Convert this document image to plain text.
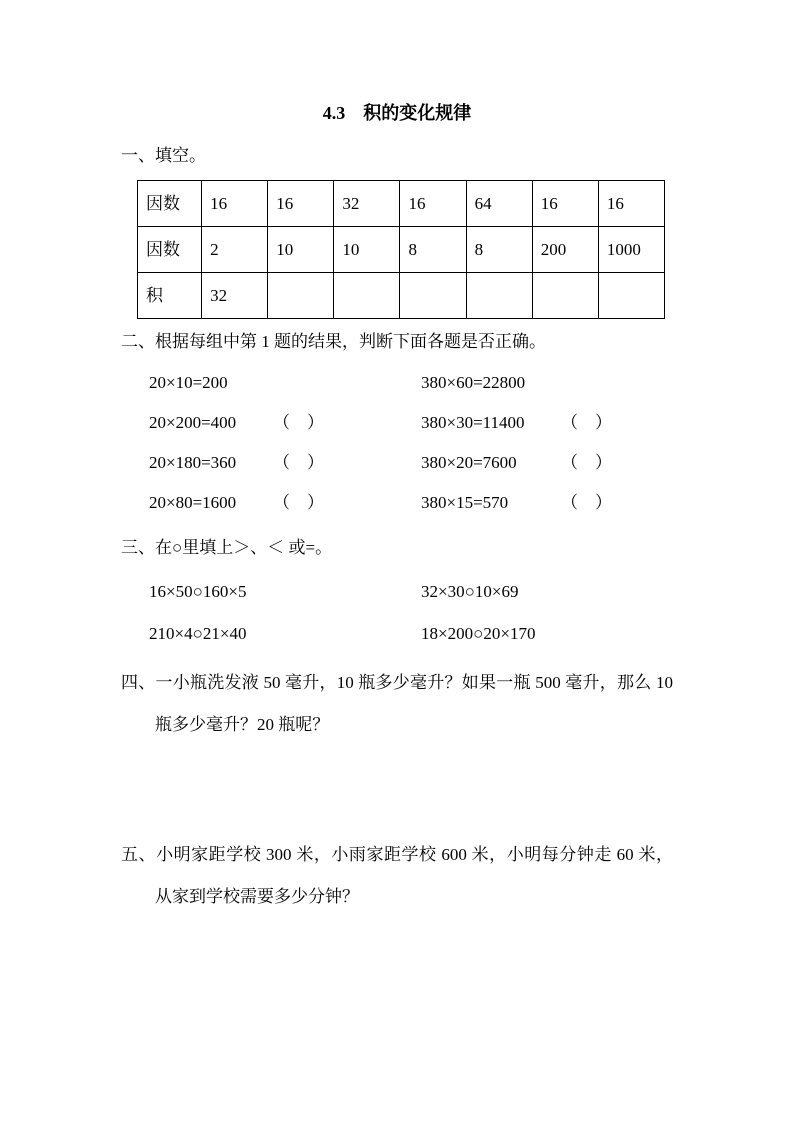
4.3　积的变化规律

一、填空。

因数	16	16	32	16	64	16	16
因数	2	10	10	8	8	200	1000
积	32						

二、根据每组中第 1 题的结果，判断下面各题是否正确。

20×10=200	380×60=22800
20×200=400	（　）	380×30=11400	（　）
20×180=360	（　）	380×20=7600	（　）
20×80=1600	（　）	380×15=570	（　）

三、在○里填上＞、＜ 或=。

16×50○160×5	32×30○10×69
210×4○21×40	18×200○20×170

四、一小瓶洗发液 50 毫升，10 瓶多少毫升？如果一瓶 500 毫升，那么 10 瓶多少毫升？20 瓶呢？

五、小明家距学校 300 米，小雨家距学校 600 米，小明每分钟走 60 米，从家到学校需要多少分钟？
